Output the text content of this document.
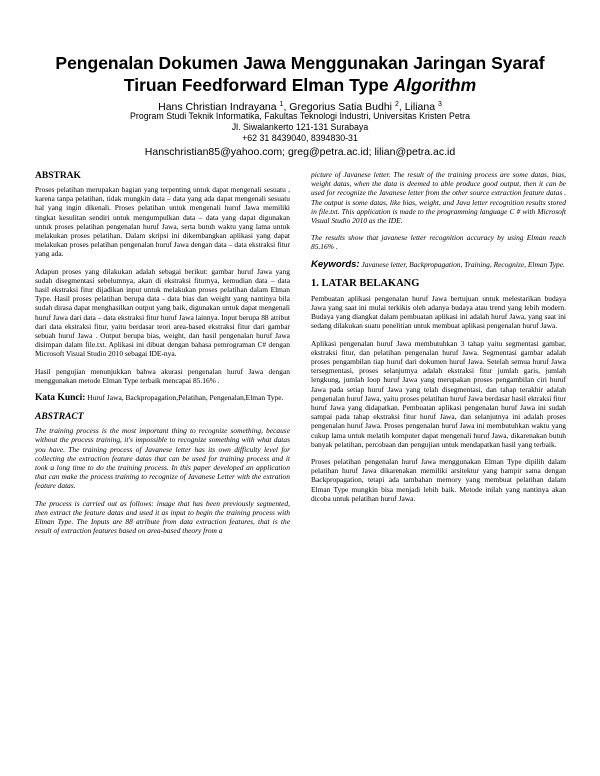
Pengenalan Dokumen Jawa Menggunakan Jaringan Syaraf
Tiruan Feedforward Elman Type Algorithm
Hans Christian Indrayana $^1$, Gregorius Satia Budhi $^2$, Liliana $^3$
Program Studi Teknik Informatika, Fakultas Teknologi Industri, Universitas Kristen Petra
Jl. Siwalankerto 121-131 Surabaya
+62 31 8439040, 8394830-31
Hanschristian85@yahoo.com; greg@petra.ac.id; lilian@petra.ac.id
ABSTRAK

Proses pelatihan merupakan bagian yang terpenting untuk dapat mengenali sesuatu , karena tanpa pelatihan, tidak mungkin data – data yang ada dapat mengenali sesuatu hal yang ingin dikenali. Proses pelatihan untuk mengenali huruf Jawa memiliki tingkat kesulitan sendiri untuk mengumpulkan data – data yang dapat digunakan untuk proses pelatihan pengenalan huruf Jawa, serta butuh waktu yang lama untuk melakukan proses pelatihan. Dalam skripsi ini dikembangkan aplikasi yang dapat melakukan proses pelatihan pengenalan huruf Jawa dengan data – data ekstraksi fitur yang ada.

Adapun proses yang dilakukan adalah sebagai berikut: gambar huruf Jawa yang sudah disegmentasi sebelumnya, akan di ekstraksi fiturnya, kemudian data – data hasil ekstraksi fitur dijadikan input untuk melakukan proses pelatihan dalam Elman Type. Hasil proses pelatihan berupa data - data bias dan weight yang nantinya bila sudah dirasa dapat menghasilkan output yang baik, digunakan untuk dapat mengenali huruf Jawa dari data – data ekstraksi fitur huruf Jawa lainnya. Input berupa 88 atribut dari data ekstraksi fitur, yaitu berdasar teori area-based ekstraksi fitur dari gambar sebuah huruf Jawa . Output berupa bias, weight, dan hasil pengenalan huruf Jawa disimpan dalam file.txt. Aplikasi ini dibuat dengan bahasa pemrograman C# dengan Microsoft Visual Studio 2010 sebagai IDE-nya.

Hasil pengujian menunjukkan bahwa akurasi pengenalan huruf Jawa dengan menggunakan metode Elman Type terbaik mencapai 85.16% .

Kata Kunci: Huruf Jawa, Backpropagation,Pelatihan, Pengenalan,Elman Type.

ABSTRACT

The training process is the most important thing to recognize something, because without the process training, it's impossible to recognize something with what datas you have. The training process of Javanese letter has its own difficulty level for collecting the extraction feature datas that can be used for training process and it took a long time to do the training process. In this paper developed an application that can make the process training to recognize of Javanese Letter with the extration feature datas.

The process is carried out as follows: image that has been previously segmented, then extract the feature datas and used it as input to begin the training process with Elman Type. The Inputs are 88 atribute from data extraction features, that is the result of extraction features based on area-based theory from a

picture of Javanese letter. The result of the training process are some datas, bias, weight datas, when the data is deemed to able produce good output, then it can be used for recognize the Javanese letter from the other source extraction feature datas . The output is some datas, like bias, weight, and Java letter recognition results stored in file.txt. This application is made to the programming language C # with Microsoft Visual Studio 2010 as the IDE.

The results show that javanese letter recognition accuracy by using Elman reach 85.16% .

Keywords: Javanese letter, Backpropagation, Training, Recognize, Elman Type.

1. LATAR BELAKANG

Pembuatan aplikasi pengenalan huruf Jawa bertujuan untuk melestarikan budaya Jawa yang saat ini mulai terkikis oleh adanya budaya atau trend yang lebih modern. Budaya yang diangkat dalam pembuatan aplikasi ini adalah huruf Jawa, yang saat ini sedang dilakukan suatu penelitian untuk membuat aplikasi pengenalan huruf Jawa.

Aplikasi pengenalan huruf Jawa membutuhkan 3 tahap yaitu segmentasi gambar, ekstraksi fitur, dan pelatihan pengenalan huruf Jawa. Segmentasi gambar adalah proses pengambilan tiap huruf dari dokumen huruf Jawa. Setelah semua huruf Jawa tersegmentasi, proses selanjutnya adalah ekstraksi fitur jumlah garis, jumlah lengkung, jumlah loop huruf Jawa yang merupakan proses pengambilan ciri huruf Jawa pada setiap huruf Jawa yang telah disegmentasi, dan tahap terakhir adalah pengenalan huruf Jawa, yaitu proses pelatihan huruf Jawa berdasar hasil ektraksi fitur huruf Jawa yang didapatkan. Pembuatan aplikasi pengenalan huruf Jawa ini sudah sampai pada tahap ekstraksi fitur huruf Jawa, dan selanjutnya ini adalah proses pengenalan huruf Jawa. Proses pengenalan huruf Jawa ini membutuhkan waktu yang cukup lama untuk melatih komputer dapat mengenali huruf Jawa, dikarenakan butuh banyak pelatihan, percobaan dan pengujian untuk mendapatkan hasil yang terbaik.

Proses pelatihan pengenalan huruf Jawa menggunakan Elman Type dipilih dalam pelatihan huruf Jawa dikarenakan memiliki arsitektur yang hampir sama dengan Backpropagation, tetapi ada tambahan memory yang membuat pelatihan dalam Elman Type mungkin bisa menjadi lebih baik. Metode inilah yang nantinya akan dicoba untuk pelatihan huruf Jawa.
